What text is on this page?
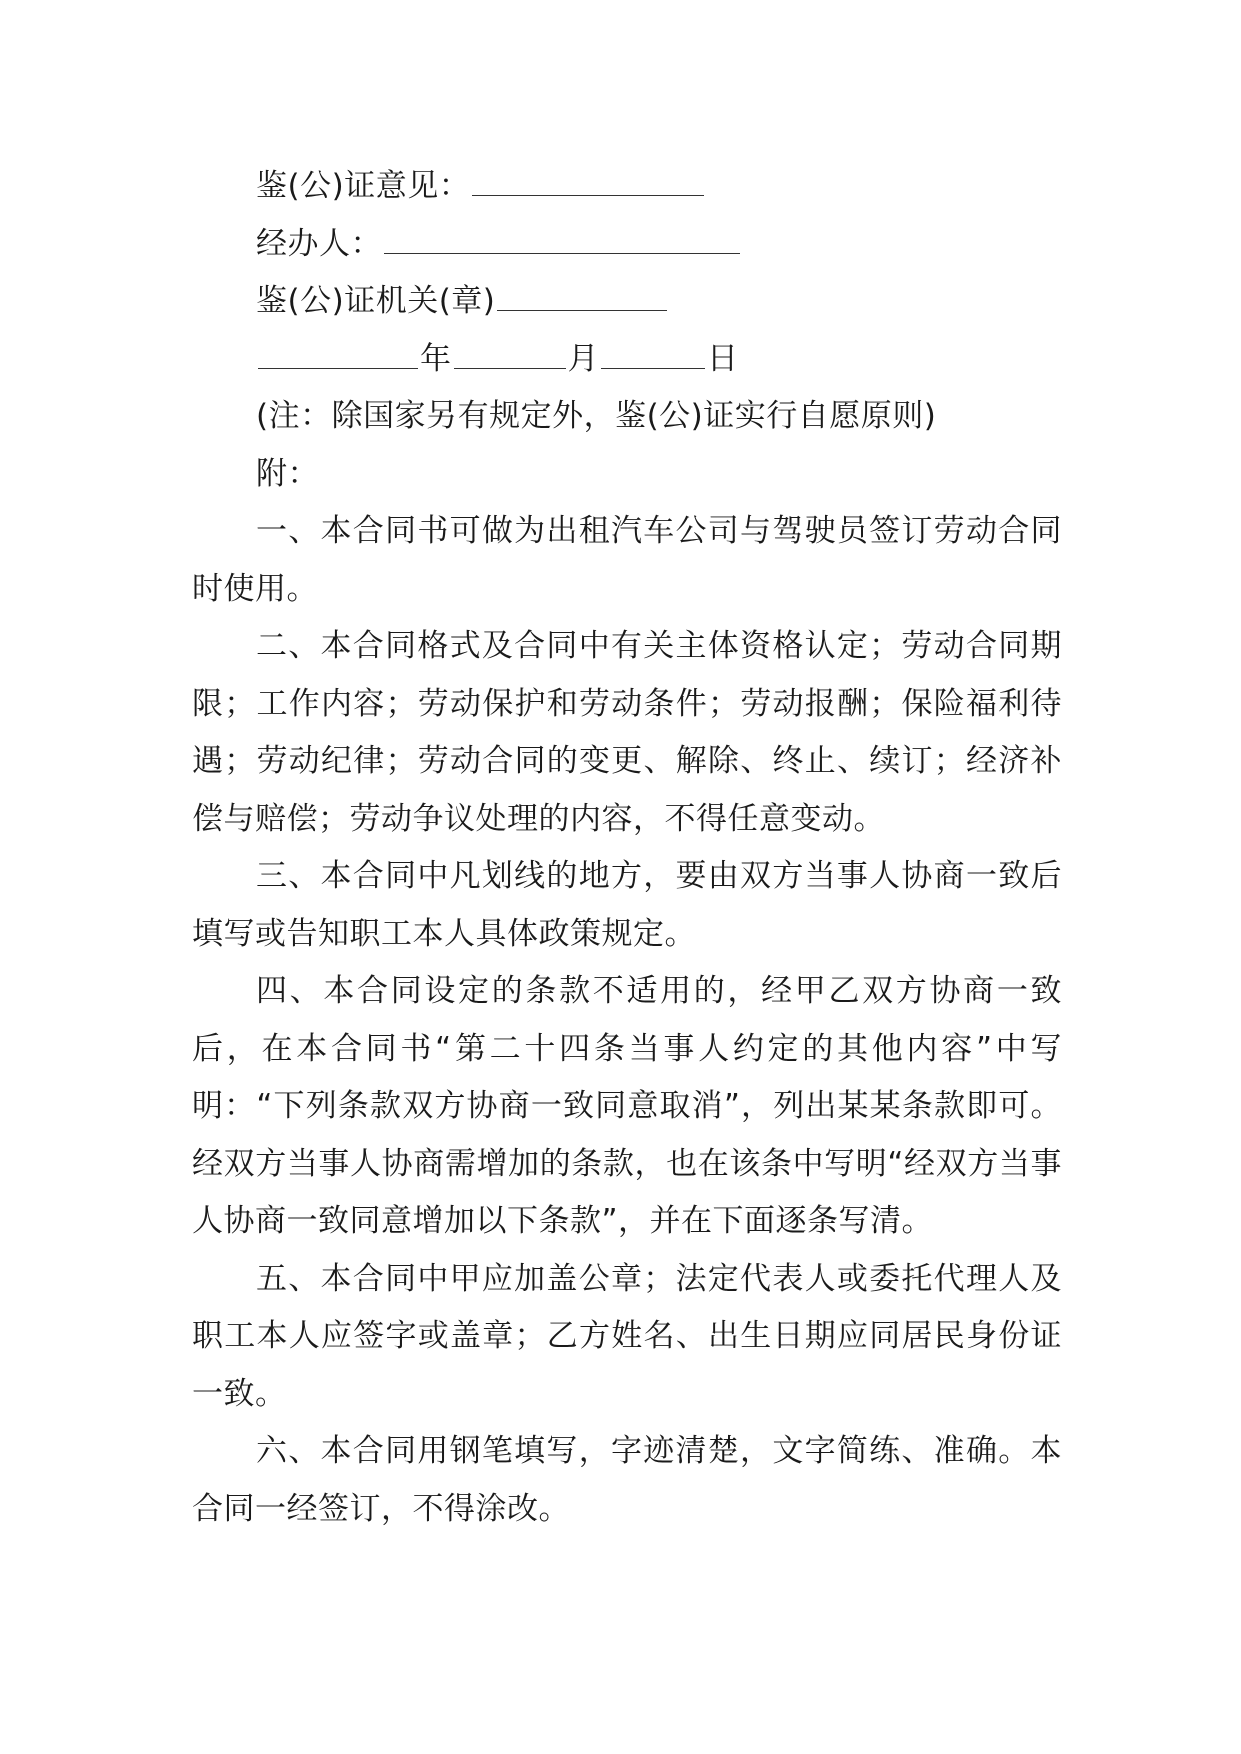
鉴(公)证意见：

经办人：

鉴(公)证机关(章)

年	月	日

(注：除国家另有规定外，鉴(公)证实行自愿原则)

附：

一、本合同书可做为出租汽车公司与驾驶员签订劳动合同时使用。

二、本合同格式及合同中有关主体资格认定；劳动合同期限；工作内容；劳动保护和劳动条件；劳动报酬；保险福利待遇；劳动纪律；劳动合同的变更、解除、终止、续订；经济补偿与赔偿；劳动争议处理的内容，不得任意变动。

三、本合同中凡划线的地方，要由双方当事人协商一致后填写或告知职工本人具体政策规定。

四、本合同设定的条款不适用的，经甲乙双方协商一致后，在本合同书“第二十四条当事人约定的其他内容”中写明：“下列条款双方协商一致同意取消”，列出某某条款即可。经双方当事人协商需增加的条款，也在该条中写明“经双方当事人协商一致同意增加以下条款”，并在下面逐条写清。

五、本合同中甲应加盖公章；法定代表人或委托代理人及职工本人应签字或盖章；乙方姓名、出生日期应同居民身份证一致。

六、本合同用钢笔填写，字迹清楚，文字简练、准确。本合同一经签订，不得涂改。
